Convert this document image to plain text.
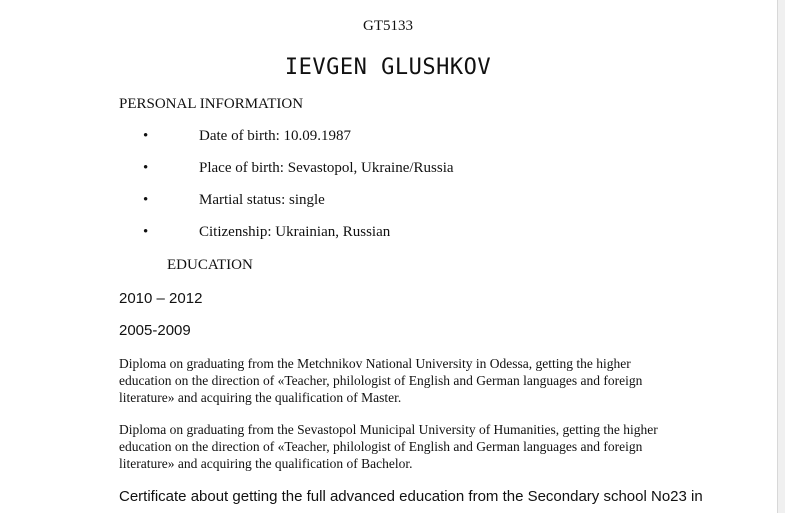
GT5133
IEVGEN GLUSHKOV
PERSONAL INFORMATION
•	Date of birth: 10.09.1987
•	Place of birth: Sevastopol, Ukraine/Russia
•	Martial status: single
•	Citizenship: Ukrainian, Russian
EDUCATION
2010 – 2012
2005-2009
Diploma on graduating from the Metchnikov National University in Odessa, getting the higher education on the direction of «Teacher, philologist of English and German languages and foreign literature» and acquiring the qualification of Master.
Diploma on graduating from the Sevastopol Municipal University of Humanities, getting the higher education on the direction of «Teacher, philologist of English and German languages and foreign literature» and acquiring the qualification of Bachelor.
Certificate about getting the full advanced education from the Secondary school No23 in
